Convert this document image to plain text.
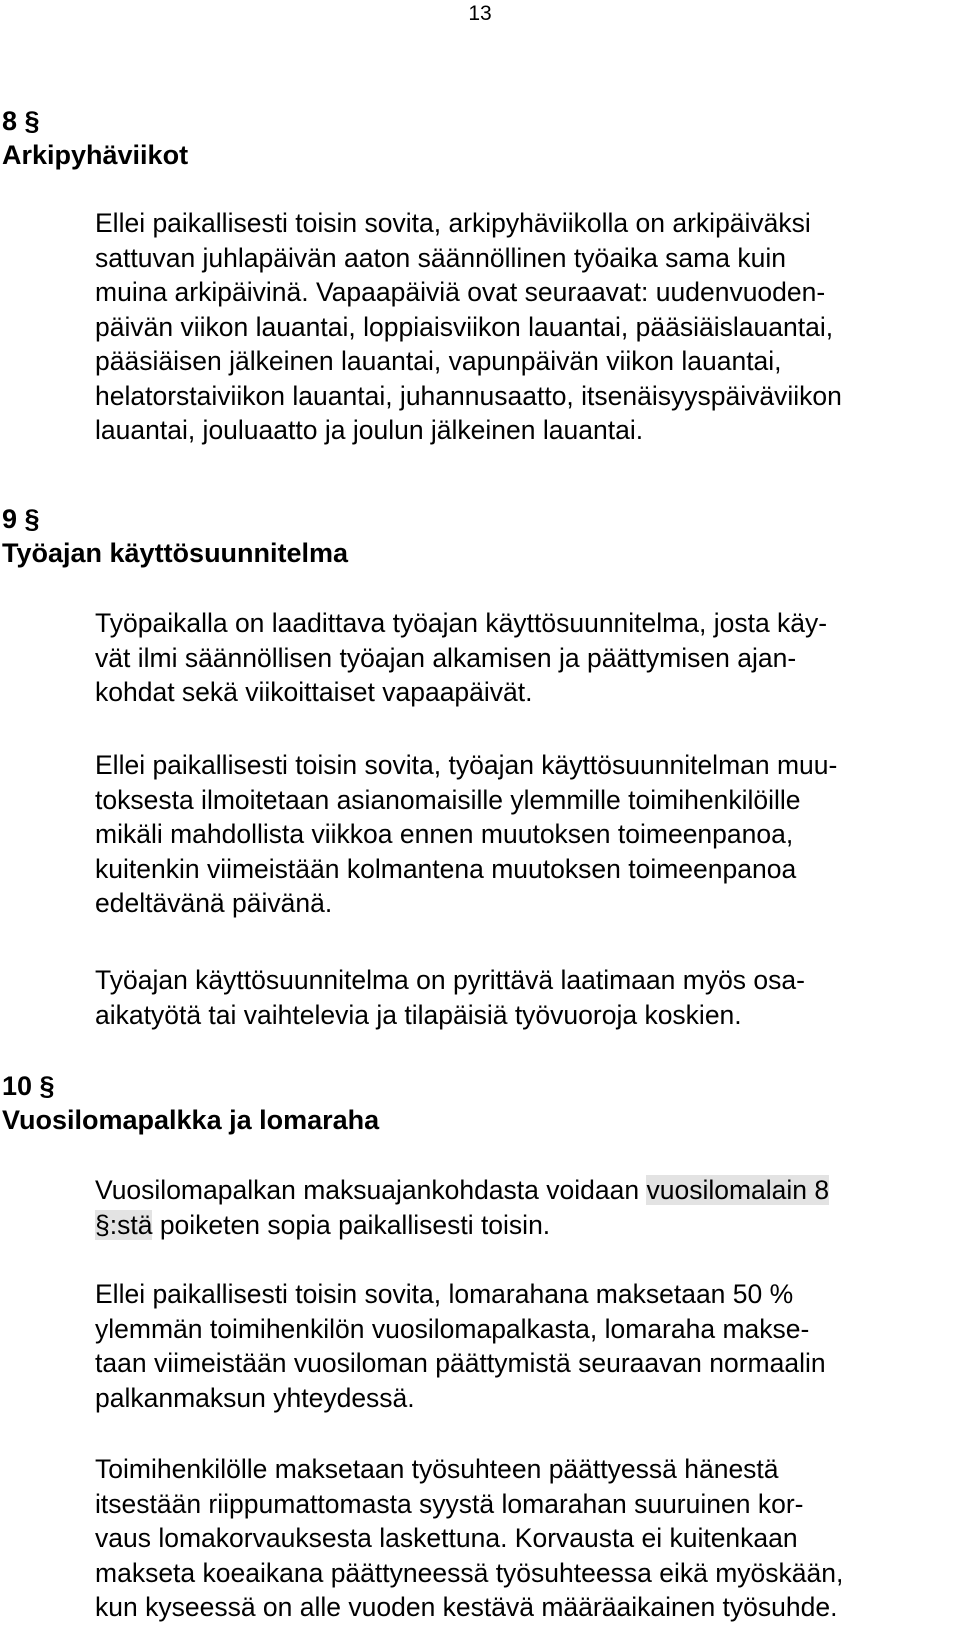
13
8 §
Arkipyhäviikot
Ellei paikallisesti toisin sovita, arkipyhäviikolla on arkipäiväksi
sattuvan juhlapäivän aaton säännöllinen työaika sama kuin
muina arkipäivinä. Vapaapäiviä ovat seuraavat: uudenvuoden-
päivän viikon lauantai, loppiaisviikon lauantai, pääsiäislauantai,
pääsiäisen jälkeinen lauantai, vapunpäivän viikon lauantai,
helatorstaiviikon lauantai, juhannusaatto, itsenäisyyspäiväviikon
lauantai, jouluaatto ja joulun jälkeinen lauantai.
9 §
Työajan käyttösuunnitelma
Työpaikalla on laadittava työajan käyttösuunnitelma, josta käy-
vät ilmi säännöllisen työajan alkamisen ja päättymisen ajan-
kohdat sekä viikoittaiset vapaapäivät.
Ellei paikallisesti toisin sovita, työajan käyttösuunnitelman muu-
toksesta ilmoitetaan asianomaisille ylemmille toimihenkilöille
mikäli mahdollista viikkoa ennen muutoksen toimeenpanoa,
kuitenkin viimeistään kolmantena muutoksen toimeenpanoa
edeltävänä päivänä.
Työajan käyttösuunnitelma on pyrittävä laatimaan myös osa-
aikatyötä tai vaihtelevia ja tilapäisiä työvuoroja koskien.
10 §
Vuosilomapalkka ja lomaraha
Vuosilomapalkan maksuajankohdasta voidaan vuosilomalain 8
§:stä poiketen sopia paikallisesti toisin.
Ellei paikallisesti toisin sovita, lomarahana maksetaan 50 %
ylemmän toimihenkilön vuosilomapalkasta, lomaraha makse-
taan viimeistään vuosiloman päättymistä seuraavan normaalin
palkanmaksun yhteydessä.
Toimihenkilölle maksetaan työsuhteen päättyessä hänestä
itsestään riippumattomasta syystä lomarahan suuruinen kor-
vaus lomakorvauksesta laskettuna. Korvausta ei kuitenkaan
makseta koeaikana päättyneessä työsuhteessa eikä myöskään,
kun kyseessä on alle vuoden kestävä määräaikainen työsuhde.
